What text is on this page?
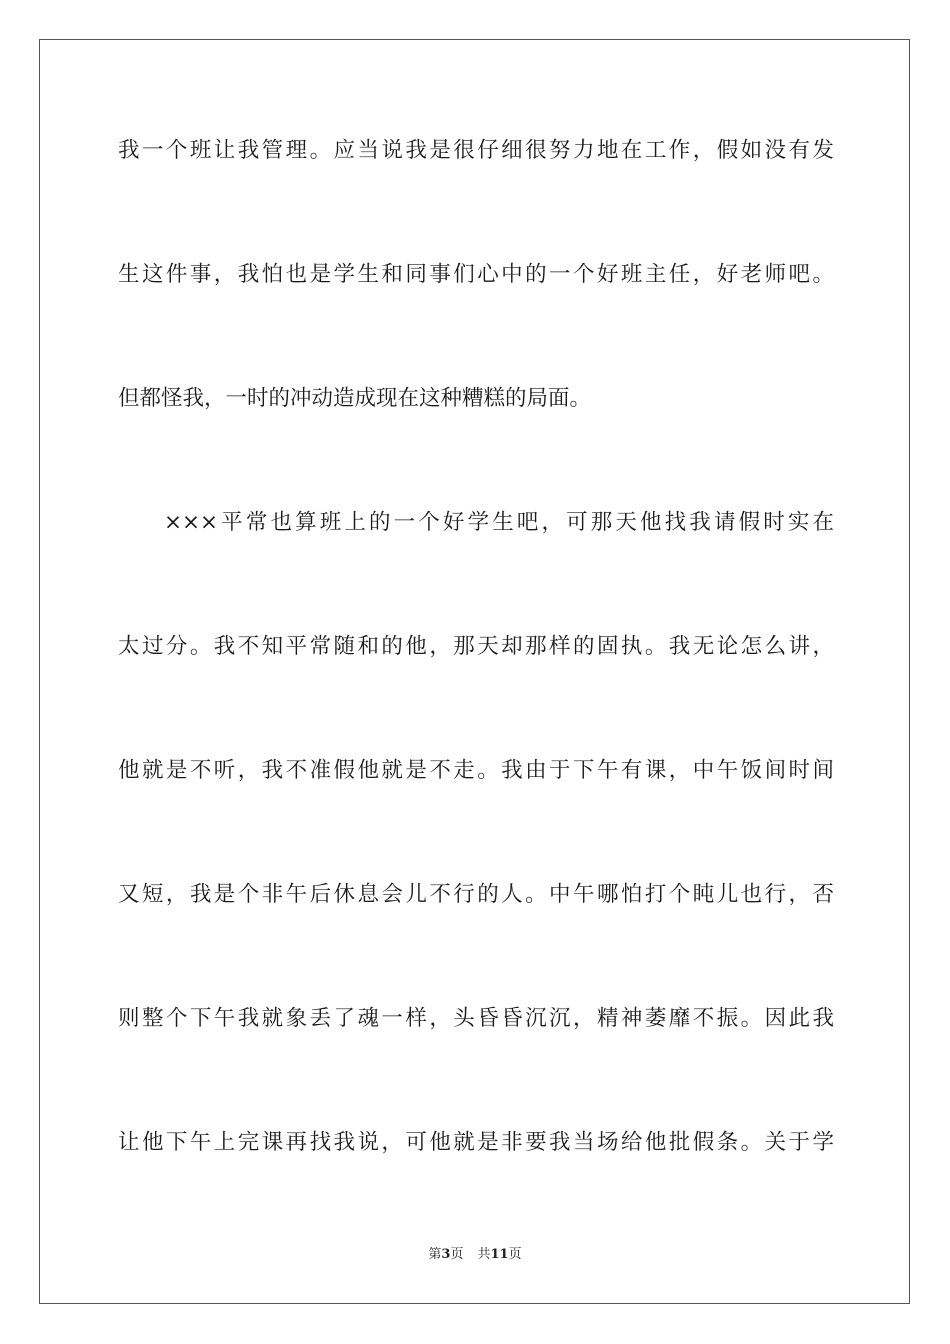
我一个班让我管理。应当说我是很仔细很努力地在工作，假如没有发
生这件事，我怕也是学生和同事们心中的一个好班主任，好老师吧。
但都怪我，一时的冲动造成现在这种糟糕的局面。
×××平常也算班上的一个好学生吧，可那天他找我请假时实在
太过分。我不知平常随和的他，那天却那样的固执。我无论怎么讲，
他就是不听，我不准假他就是不走。我由于下午有课，中午饭间时间
又短，我是个非午后休息会儿不行的人。中午哪怕打个盹儿也行，否
则整个下午我就象丢了魂一样，头昏昏沉沉，精神萎靡不振。因此我
让他下午上完课再找我说，可他就是非要我当场给他批假条。关于学
第3页 共11页
